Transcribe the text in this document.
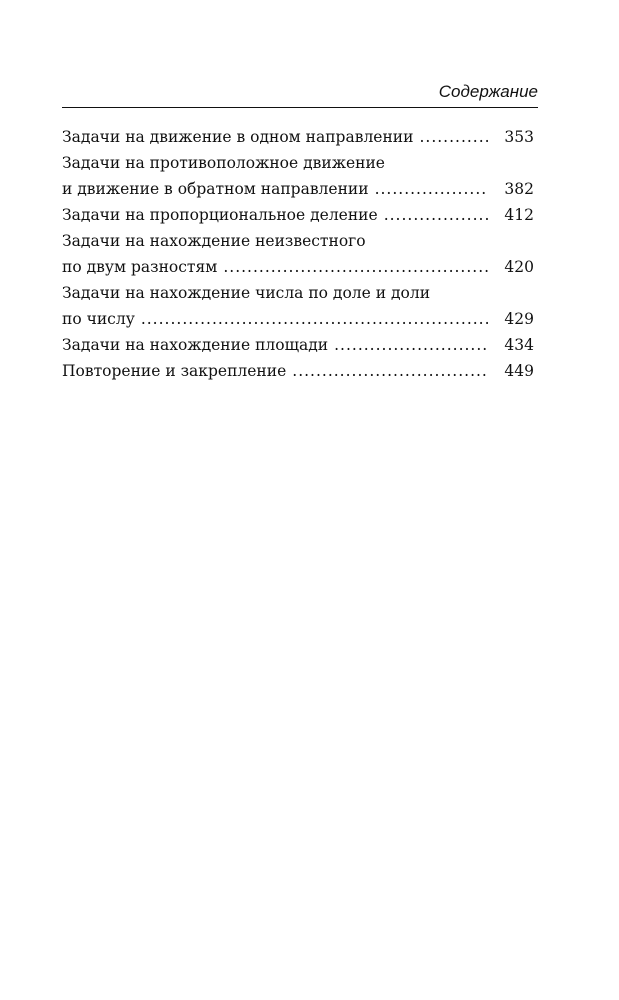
Содержание
Задачи на движение в одном направлении .....	353
Задачи на противоположное движение
и движение в обратном направлении .....	382
Задачи на пропорциональное деление .....	412
Задачи на нахождение неизвестного
по двум разностям .....	420
Задачи на нахождение числа по доле и доли
по числу .....	429
Задачи на нахождение площади .....	434
Повторение и закрепление .....	449
